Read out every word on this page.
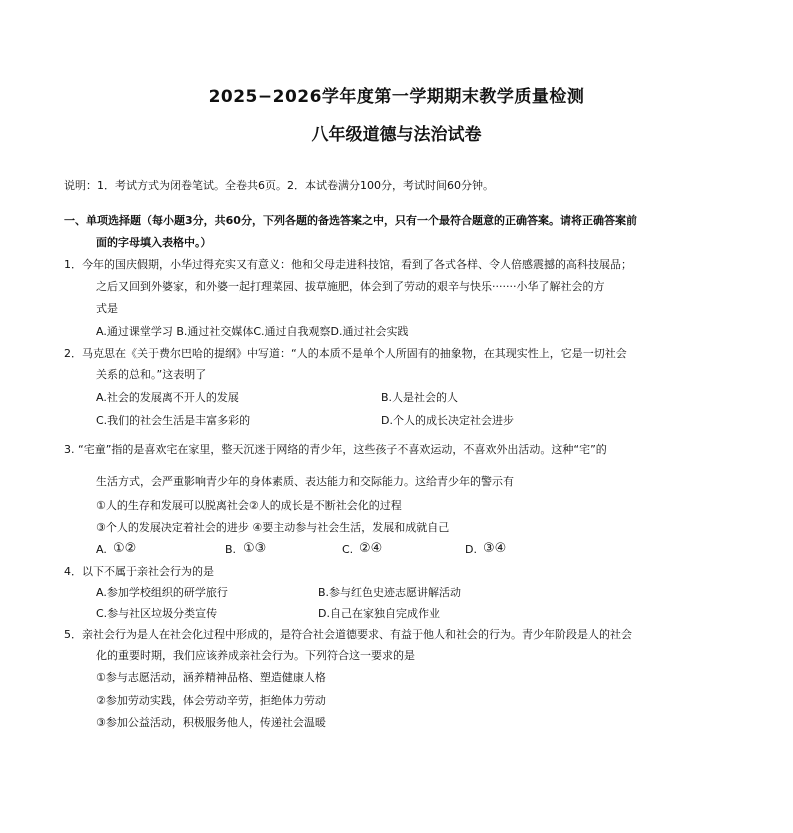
2025−2026学年度第一学期期末教学质量检测
八年级道德与法治试卷
说明：1．考试方式为闭卷笔试。全卷共6页。2．本试卷满分100分，考试时间60分钟。
一、单项选择题（每小题3分，共60分，下列各题的备选答案之中，只有一个最符合题意的正确答案。请将正确答案前
面的字母填入表格中。）
1．今年的国庆假期，小华过得充实又有意义：他和父母走进科技馆，看到了各式各样、令人倍感震撼的高科技展品；
之后又回到外婆家，和外婆一起打理菜园、拔草施肥，体会到了劳动的艰辛与快乐·······小华了解社会的方
式是
A.通过课堂学习 B.通过社交媒体C.通过自我观察D.通过社会实践
2．马克思在《关于费尔巴哈的提纲》中写道：“人的本质不是单个人所固有的抽象物，在其现实性上，它是一切社会
关系的总和。”这表明了
A.社会的发展离不开人的发展	B.人是社会的人
C.我们的社会生活是丰富多彩的	D.个人的成长决定社会进步
3. “宅童”指的是喜欢宅在家里，整天沉迷于网络的青少年，这些孩子不喜欢运动，不喜欢外出活动。这种“宅”的
生活方式，会严重影响青少年的身体素质、表达能力和交际能力。这给青少年的警示有
①人的生存和发展可以脱离社会②人的成长是不断社会化的过程
③个人的发展决定着社会的进步 ④要主动参与社会生活，发展和成就自己
A. ①②	B. ①③	C. ②④	D. ③④
4．以下不属于亲社会行为的是
A.参加学校组织的研学旅行	B.参与红色史迹志愿讲解活动
C.参与社区垃圾分类宣传	D.自己在家独自完成作业
5．亲社会行为是人在社会化过程中形成的，是符合社会道德要求、有益于他人和社会的行为。青少年阶段是人的社会
化的重要时期，我们应该养成亲社会行为。下列符合这一要求的是
①参与志愿活动，涵养精神品格、塑造健康人格
②参加劳动实践，体会劳动辛劳，拒绝体力劳动
③参加公益活动，积极服务他人，传递社会温暖
